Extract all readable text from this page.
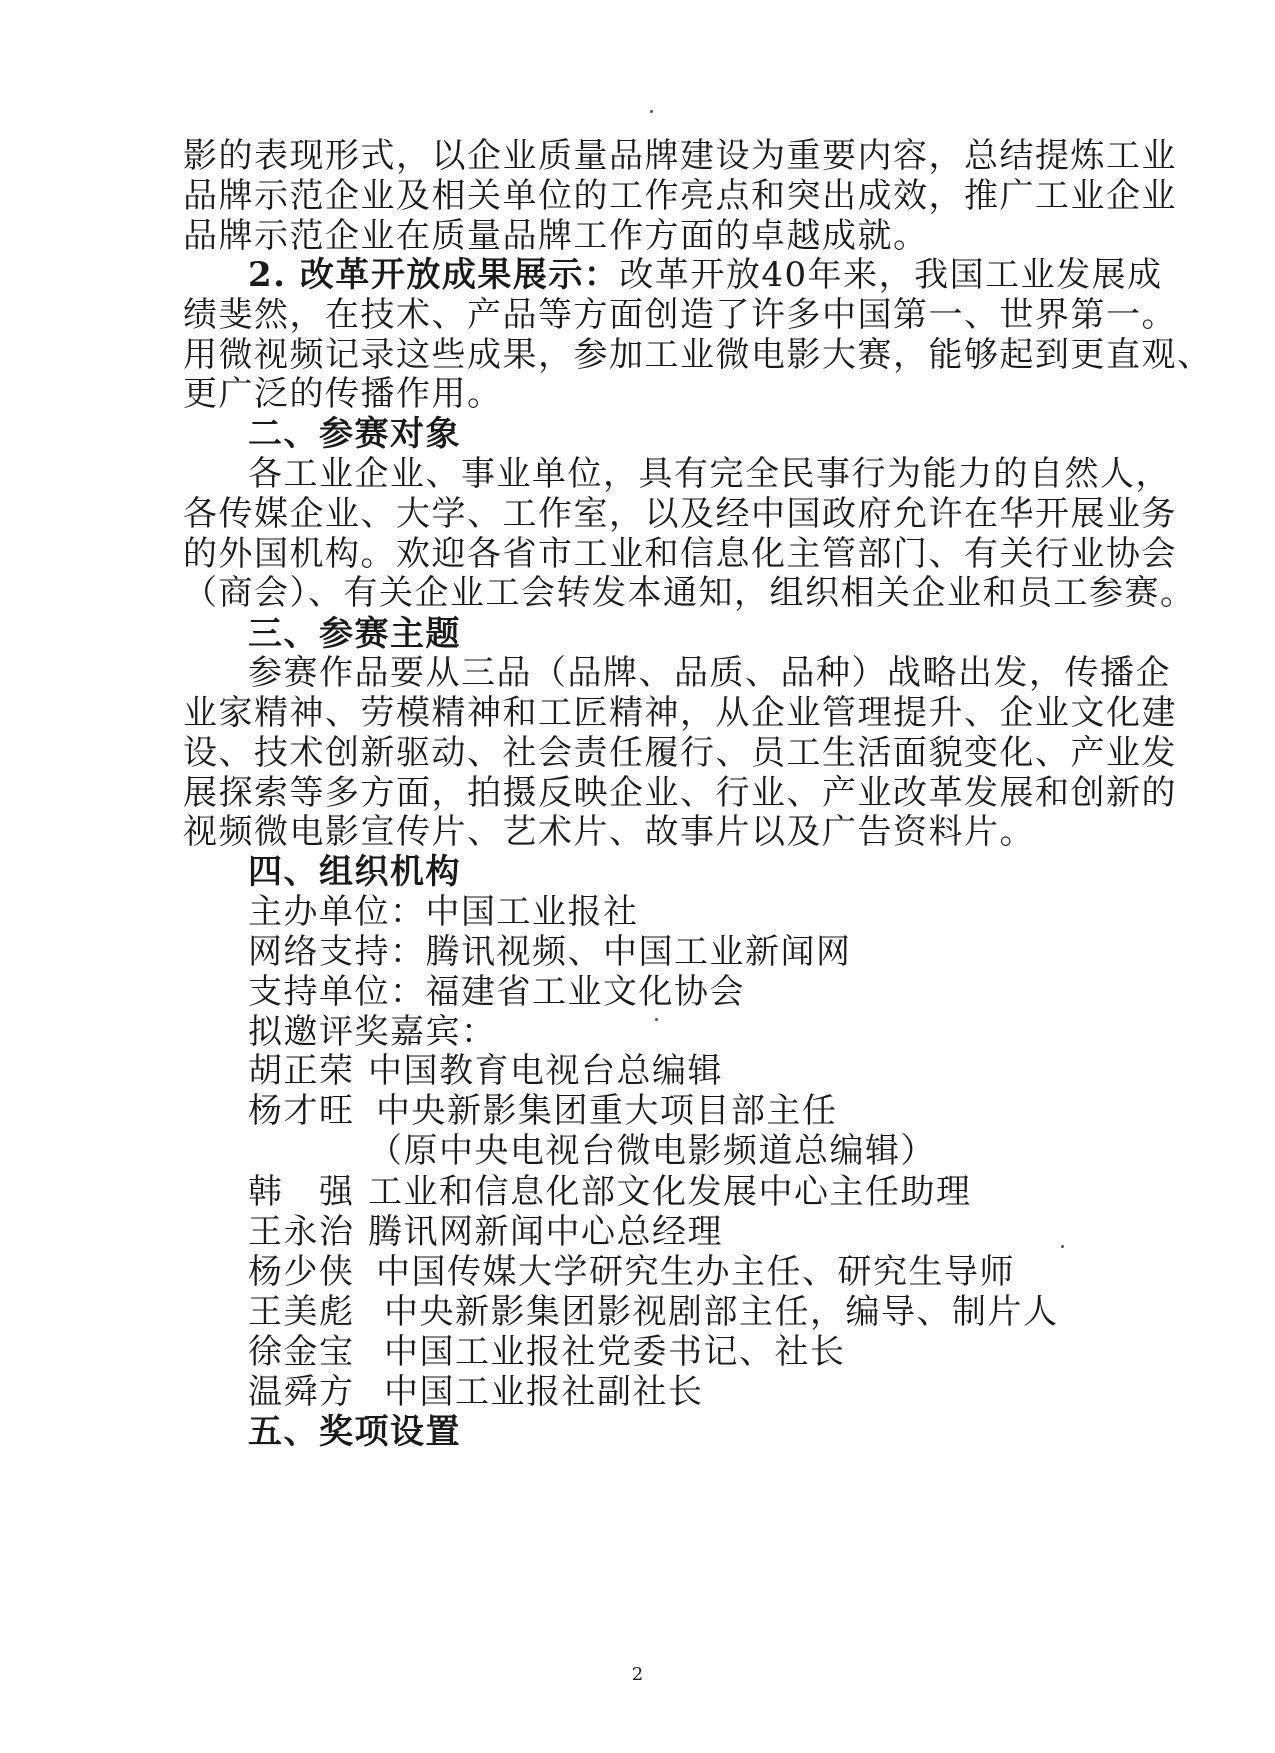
影的表现形式，以企业质量品牌建设为重要内容，总结提炼工业
品牌示范企业及相关单位的工作亮点和突出成效，推广工业企业
品牌示范企业在质量品牌工作方面的卓越成就。
2. 改革开放成果展示：改革开放40年来，我国工业发展成
绩斐然，在技术、产品等方面创造了许多中国第一、世界第一。
用微视频记录这些成果，参加工业微电影大赛，能够起到更直观、
更广泛的传播作用。
二、参赛对象
各工业企业、事业单位，具有完全民事行为能力的自然人，
各传媒企业、大学、工作室，以及经中国政府允许在华开展业务
的外国机构。欢迎各省市工业和信息化主管部门、有关行业协会
（商会）、有关企业工会转发本通知，组织相关企业和员工参赛。
三、参赛主题
参赛作品要从三品（品牌、品质、品种）战略出发，传播企
业家精神、劳模精神和工匠精神，从企业管理提升、企业文化建
设、技术创新驱动、社会责任履行、员工生活面貌变化、产业发
展探索等多方面，拍摄反映企业、行业、产业改革发展和创新的
视频微电影宣传片、艺术片、故事片以及广告资料片。
四、组织机构
主办单位：中国工业报社
网络支持：腾讯视频、中国工业新闻网
支持单位：福建省工业文化协会
拟邀评奖嘉宾：
胡正荣 中国教育电视台总编辑
杨才旺 中央新影集团重大项目部主任
（原中央电视台微电影频道总编辑）
韩　强 工业和信息化部文化发展中心主任助理
王永治 腾讯网新闻中心总经理
杨少侠 中国传媒大学研究生办主任、研究生导师
王美彪 中央新影集团影视剧部主任，编导、制片人
徐金宝 中国工业报社党委书记、社长
温舜方 中国工业报社副社长
五、奖项设置
2
